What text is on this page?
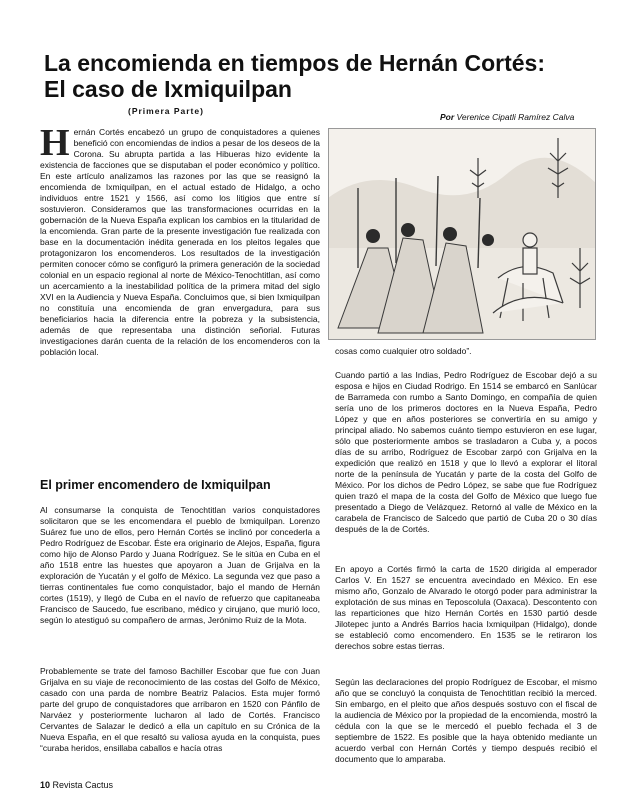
La encomienda en tiempos de Hernán Cortés:
El caso de Ixmiquilpan
(Primera Parte)
Por Verenice Cipatli Ramírez Calva

Hernán Cortés encabezó un grupo de conquistadores a quienes benefició con encomiendas de indios a pesar de los deseos de la Corona. Su abrupta partida a las Hibueras hizo evidente la existencia de facciones que se disputaban el poder económico y político. En este artículo analizamos las razones por las que se reasignó la encomienda de Ixmiquilpan, en el actual estado de Hidalgo, a ocho individuos entre 1521 y 1566, así como los litigios que entre sí sostuvieron. Consideramos que las transformaciones ocurridas en la gobernación de la Nueva España explican los cambios en la titularidad de la encomienda. Gran parte de la presente investigación fue realizada con base en la documentación inédita generada en los pleitos legales que protagonizaron los encomenderos. Los resultados de la investigación permiten conocer cómo se configuró la primera generación de la sociedad colonial en un espacio regional al norte de México-Tenochtitlan, así como un acercamiento a la inestabilidad política de la primera mitad del siglo XVI en la Audiencia y Nueva España. Concluimos que, si bien Ixmiquilpan no constituía una encomienda de gran envergadura, para sus beneficiarios hacia la diferencia entre la pobreza y la subsistencia, además de que representaba una distinción señorial. Futuras investigaciones darán cuenta de la relación de los encomenderos con la población local.

El primer encomendero de Ixmiquilpan

Al consumarse la conquista de Tenochtitlan varios conquistadores solicitaron que se les encomendara el pueblo de Ixmiquilpan. Lorenzo Suárez fue uno de ellos, pero Hernán Cortés se inclinó por concederla a Pedro Rodríguez de Escobar. Éste era originario de Alejos, España, figura como hijo de Alonso Pardo y Juana Rodríguez. Se le sitúa en Cuba en el año 1518 entre las huestes que apoyaron a Juan de Grijalva en la exploración de Yucatán y el golfo de México. La segunda vez que paso a tierras continentales fue como conquistador, bajo el mando de Hernán cortes (1519), y llegó de Cuba en el navío de refuerzo que capitaneaba Francisco de Saucedo, fue escribano, médico y cirujano, que murió loco, según lo atestiguó su compañero de armas, Jerónimo Ruiz de la Mota.

Probablemente se trate del famoso Bachiller Escobar que fue con Juan Grijalva en su viaje de reconocimiento de las costas del Golfo de México, casado con una parda de nombre Beatriz Palacios. Esta mujer formó parte del grupo de conquistadores que arribaron en 1520 con Pánfilo de Narváez y posteriormente lucharon al lado de Cortés. Francisco Cervantes de Salazar le dedicó a ella un capítulo en su Crónica de la Nueva España, en el que resaltó su valiosa ayuda en la conquista, pues “curaba heridos, ensillaba caballos e hacía otras

cosas como cualquier otro soldado”.

Cuando partió a las Indias, Pedro Rodríguez de Escobar dejó a su esposa e hijos en Ciudad Rodrigo. En 1514 se embarcó en Sanlúcar de Barrameda con rumbo a Santo Domingo, en compañía de quien sería uno de los primeros doctores en la Nueva España, Pedro López y que en años posteriores se convertiría en su amigo y principal aliado. No sabemos cuánto tiempo estuvieron en ese lugar, sólo que posteriormente ambos se trasladaron a Cuba y, a pocos días de su arribo, Rodríguez de Escobar zarpó con Grijalva en la expedición que realizó en 1518 y que lo llevó a explorar el litoral norte de la península de Yucatán y parte de la costa del Golfo de México. Por los dichos de Pedro López, se sabe que fue Rodríguez quien trazó el mapa de la costa del Golfo de México que luego fue presentado a Diego de Velázquez. Retornó al valle de México en la carabela de Francisco de Salcedo que partió de Cuba 20 o 30 días después de la de Cortés.

En apoyo a Cortés firmó la carta de 1520 dirigida al emperador Carlos V. En 1527 se encuentra avecindado en México. En ese mismo año, Gonzalo de Alvarado le otorgó poder para administrar la explotación de sus minas en Teposcolula (Oaxaca). Descontento con las reparticiones que hizo Hernán Cortés en 1530 partió desde Jilotepec junto a Andrés Barrios hacia Ixmiquilpan (Hidalgo), donde se estableció como encomendero. En 1535 se le retiraron los derechos sobre estas tierras.

Según las declaraciones del propio Rodríguez de Escobar, el mismo año que se concluyó la conquista de Tenochtitlan recibió la merced. Sin embargo, en el pleito que años después sostuvo con el fiscal de la audiencia de México por la propiedad de la encomienda, mostró la cédula con la que se le mercedó el pueblo fechada el 3 de septiembre de 1522. Es posible que la haya obtenido mediante un acuerdo verbal con Hernán Cortés y tiempo después recibió el documento que lo amparaba.

10 Revista Cactus
